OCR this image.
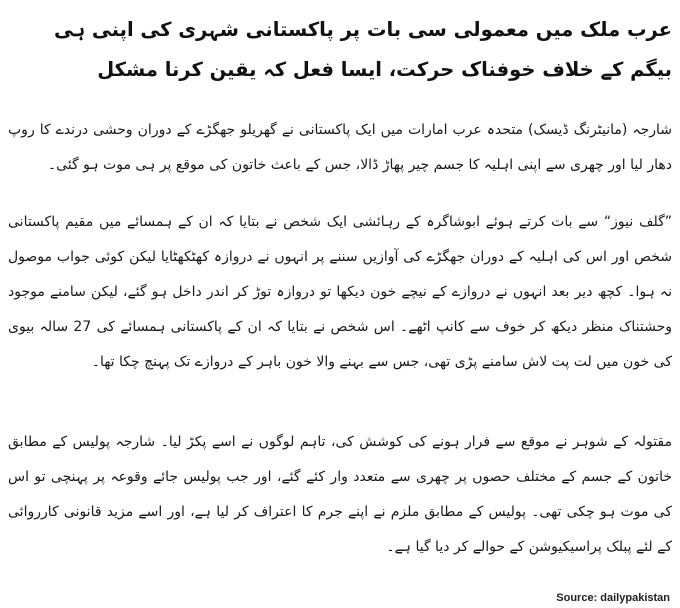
عرب ملک میں معمولی سی بات پر پاکستانی شہری کی اپنی ہی بیگم کے خلاف خوفناک حرکت، ایسا فعل کہ یقین کرنا مشکل
شارجہ (مانیٹرنگ ڈیسک) متحدہ عرب امارات میں ایک پاکستانی نے گھریلو جھگڑے کے دوران وحشی درندے کا روپ دھار لیا اور چھری سے اپنی اہلیہ کا جسم چیر پھاڑ ڈالا، جس کے باعث خاتون کی موقع پر ہی موت ہو گئی۔
”گلف نیوز“ سے بات کرتے ہوئے ابوشاگرہ کے رہائشی ایک شخص نے بتایا کہ ان کے ہمسائے میں مقیم پاکستانی شخص اور اس کی اہلیہ کے دوران جھگڑے کی آوازیں سننے پر انہوں نے دروازہ کھٹکھٹایا لیکن کوئی جواب موصول نہ ہوا۔ کچھ دیر بعد انہوں نے دروازے کے نیچے خون دیکھا تو دروازہ توڑ کر اندر داخل ہو گئے، لیکن سامنے موجود وحشتناک منظر دیکھ کر خوف سے کانپ اٹھے۔ اس شخص نے بتایا کہ ان کے پاکستانی ہمسائے کی 27 سالہ بیوی کی خون میں لت پت لاش سامنے پڑی تھی، جس سے بہنے والا خون باہر کے دروازے تک پہنچ چکا تھا۔
مقتولہ کے شوہر نے موقع سے فرار ہونے کی کوشش کی، تاہم لوگوں نے اسے پکڑ لیا۔ شارجہ پولیس کے مطابق خاتون کے جسم کے مختلف حصوں پر چھری سے متعدد وار کئے گئے، اور جب پولیس جائے وقوعہ پر پہنچی تو اس کی موت ہو چکی تھی۔ پولیس کے مطابق ملزم نے اپنے جرم کا اعتراف کر لیا ہے، اور اسے مزید قانونی کارروائی کے لئے پبلک پراسیکیوشن کے حوالے کر دیا گیا ہے۔
Source: dailypakistan
